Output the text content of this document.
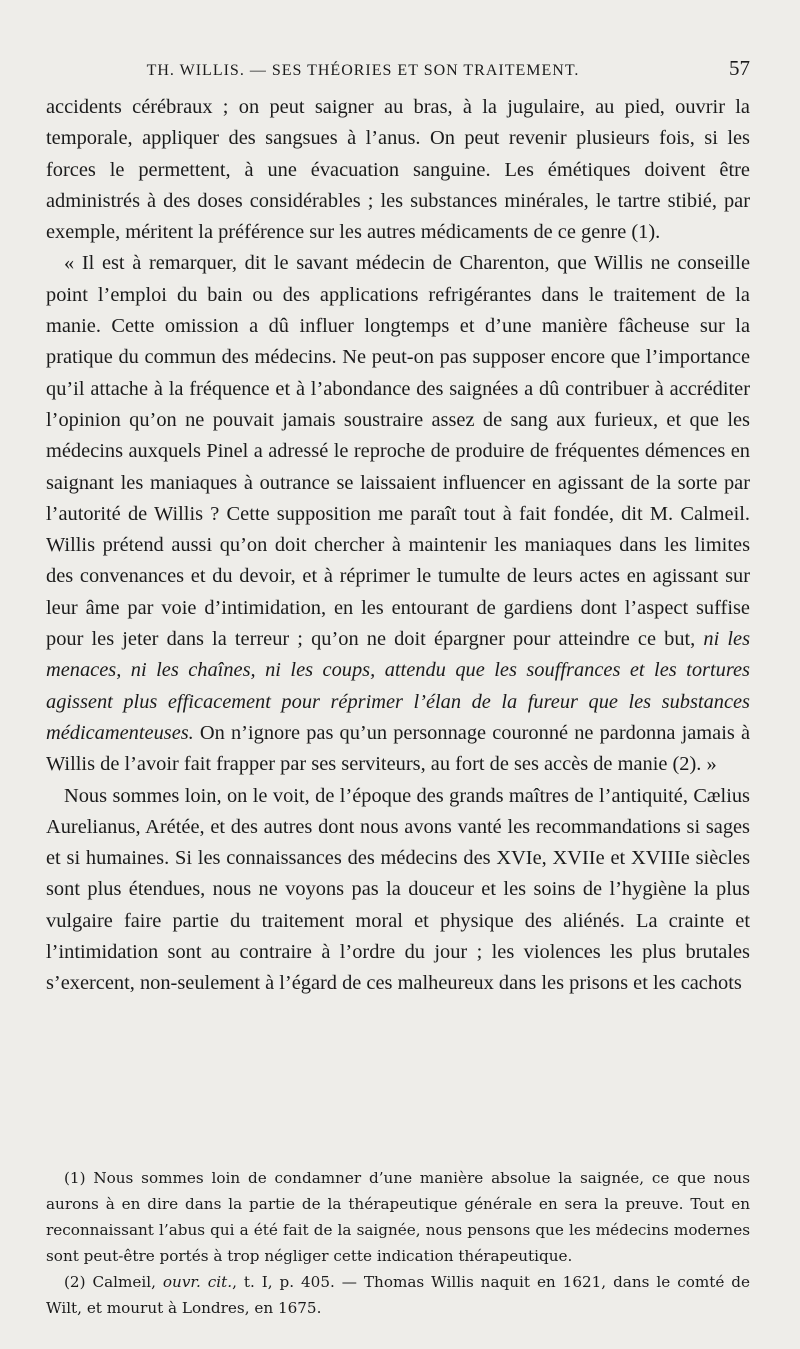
TH. WILLIS. — SES THÉORIES ET SON TRAITEMENT.	57

accidents cérébraux ; on peut saigner au bras, à la jugulaire, au pied, ouvrir la temporale, appliquer des sangsues à l’anus. On peut revenir plusieurs fois, si les forces le permettent, à une évacuation sanguine. Les émétiques doivent être administrés à des doses considérables ; les substances minérales, le tartre stibié, par exemple, méritent la préférence sur les autres médicaments de ce genre (1).

« Il est à remarquer, dit le savant médecin de Charenton, que Willis ne conseille point l’emploi du bain ou des applications refrigérantes dans le traitement de la manie. Cette omission a dû influer longtemps et d’une manière fâcheuse sur la pratique du commun des médecins. Ne peut-on pas supposer encore que l’importance qu’il attache à la fréquence et à l’abondance des saignées a dû contribuer à accréditer l’opinion qu’on ne pouvait jamais soustraire assez de sang aux furieux, et que les médecins auxquels Pinel a adressé le reproche de produire de fréquentes démences en saignant les maniaques à outrance se laissaient influencer en agissant de la sorte par l’autorité de Willis ? Cette supposition me paraît tout à fait fondée, dit M. Calmeil. Willis prétend aussi qu’on doit chercher à maintenir les maniaques dans les limites des convenances et du devoir, et à réprimer le tumulte de leurs actes en agissant sur leur âme par voie d’intimidation, en les entourant de gardiens dont l’aspect suffise pour les jeter dans la terreur ; qu’on ne doit épargner pour atteindre ce but, ni les menaces, ni les chaînes, ni les coups, attendu que les souffrances et les tortures agissent plus efficacement pour réprimer l’élan de la fureur que les substances médicamenteuses. On n’ignore pas qu’un personnage couronné ne pardonna jamais à Willis de l’avoir fait frapper par ses serviteurs, au fort de ses accès de manie (2). »

Nous sommes loin, on le voit, de l’époque des grands maîtres de l’antiquité, Cælius Aurelianus, Arétée, et des autres dont nous avons vanté les recommandations si sages et si humaines. Si les connaissances des médecins des XVIe, XVIIe et XVIIIe siècles sont plus étendues, nous ne voyons pas la douceur et les soins de l’hygiène la plus vulgaire faire partie du traitement moral et physique des aliénés. La crainte et l’intimidation sont au contraire à l’ordre du jour ; les violences les plus brutales s’exercent, non-seulement à l’égard de ces malheureux dans les prisons et les cachots

(1) Nous sommes loin de condamner d’une manière absolue la saignée, ce que nous aurons à en dire dans la partie de la thérapeutique générale en sera la preuve. Tout en reconnaissant l’abus qui a été fait de la saignée, nous pensons que les médecins modernes sont peut-être portés à trop négliger cette indication thérapeutique.

(2) Calmeil, ouvr. cit., t. I, p. 405. — Thomas Willis naquit en 1621, dans le comté de Wilt, et mourut à Londres, en 1675.
